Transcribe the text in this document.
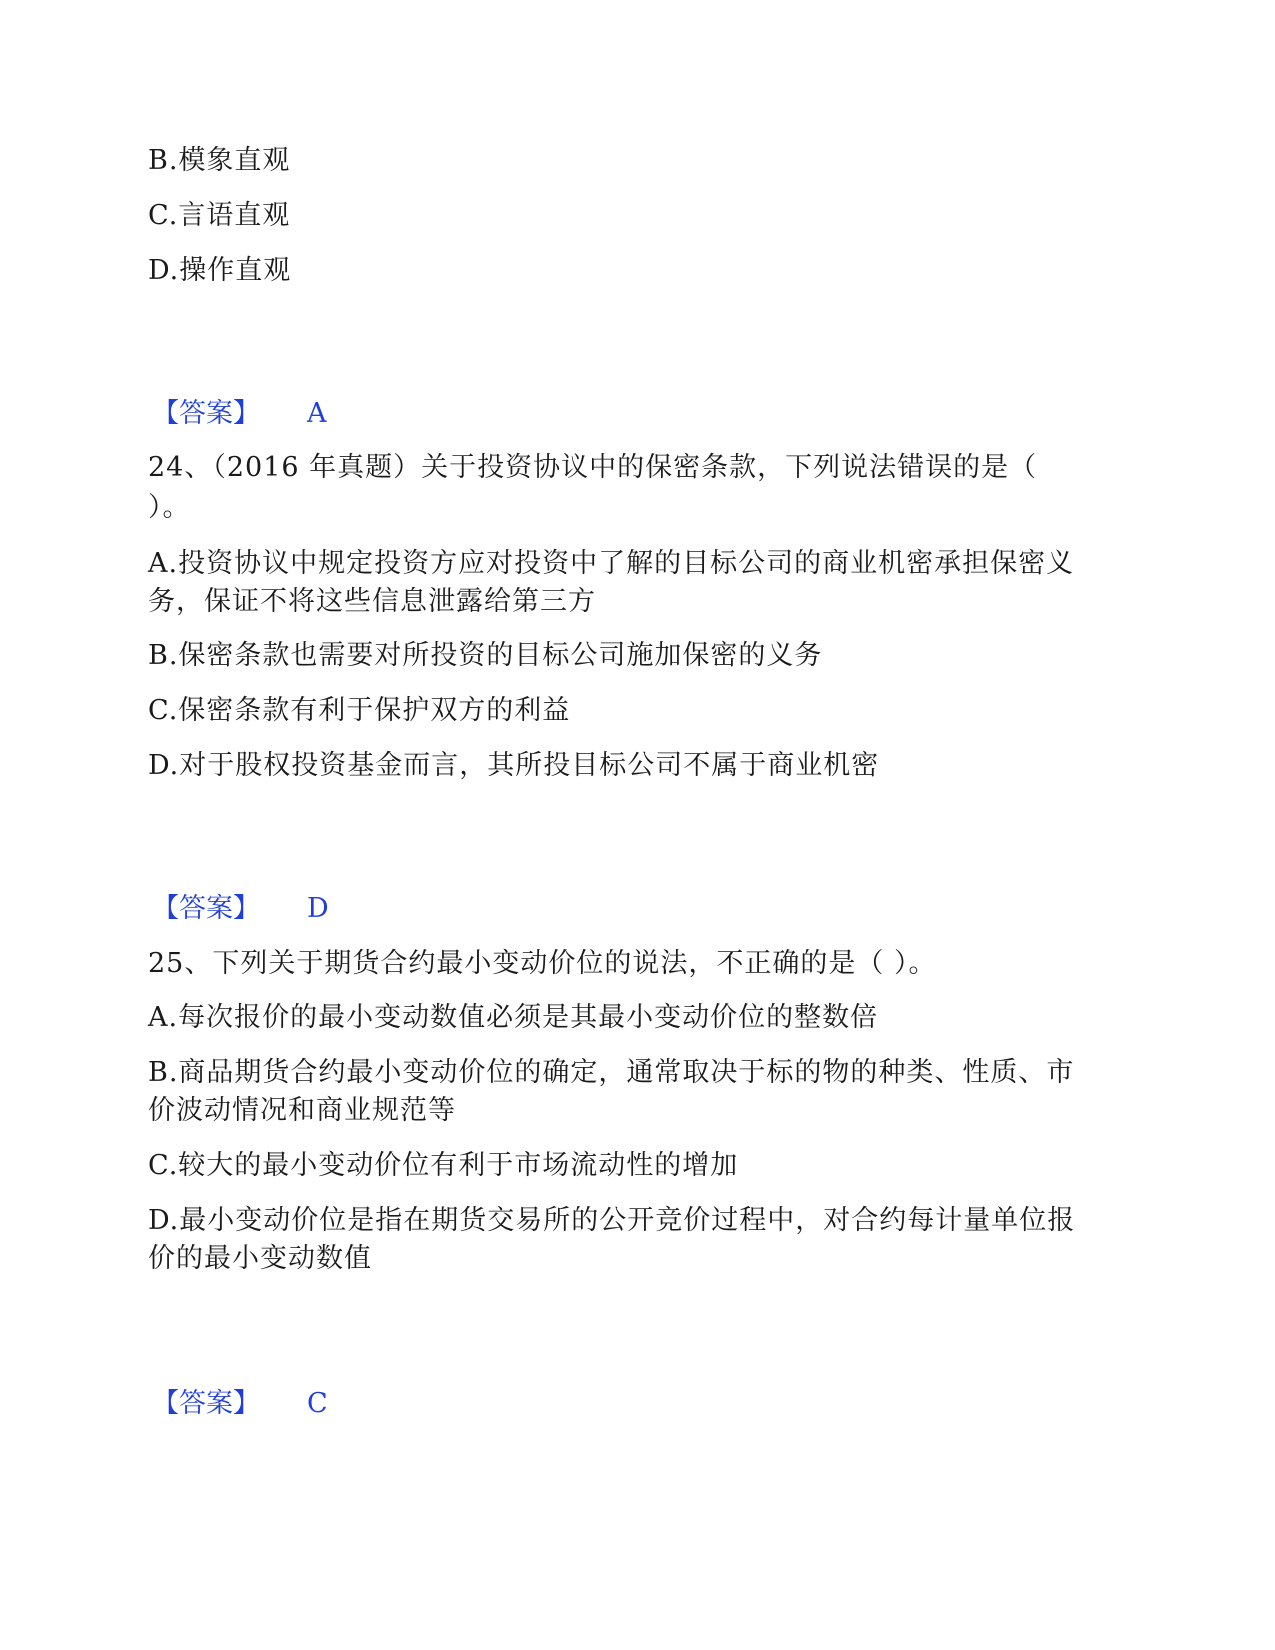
B.模象直观
C.言语直观
D.操作直观
【答案】 A
24、（2016 年真题）关于投资协议中的保密条款，下列说法错误的是（
）。
A.投资协议中规定投资方应对投资中了解的目标公司的商业机密承担保密义
务，保证不将这些信息泄露给第三方
B.保密条款也需要对所投资的目标公司施加保密的义务
C.保密条款有利于保护双方的利益
D.对于股权投资基金而言，其所投目标公司不属于商业机密
【答案】 D
25、下列关于期货合约最小变动价位的说法，不正确的是（ ）。
A.每次报价的最小变动数值必须是其最小变动价位的整数倍
B.商品期货合约最小变动价位的确定，通常取决于标的物的种类、性质、市
价波动情况和商业规范等
C.较大的最小变动价位有利于市场流动性的增加
D.最小变动价位是指在期货交易所的公开竞价过程中，对合约每计量单位报
价的最小变动数值
【答案】 C
